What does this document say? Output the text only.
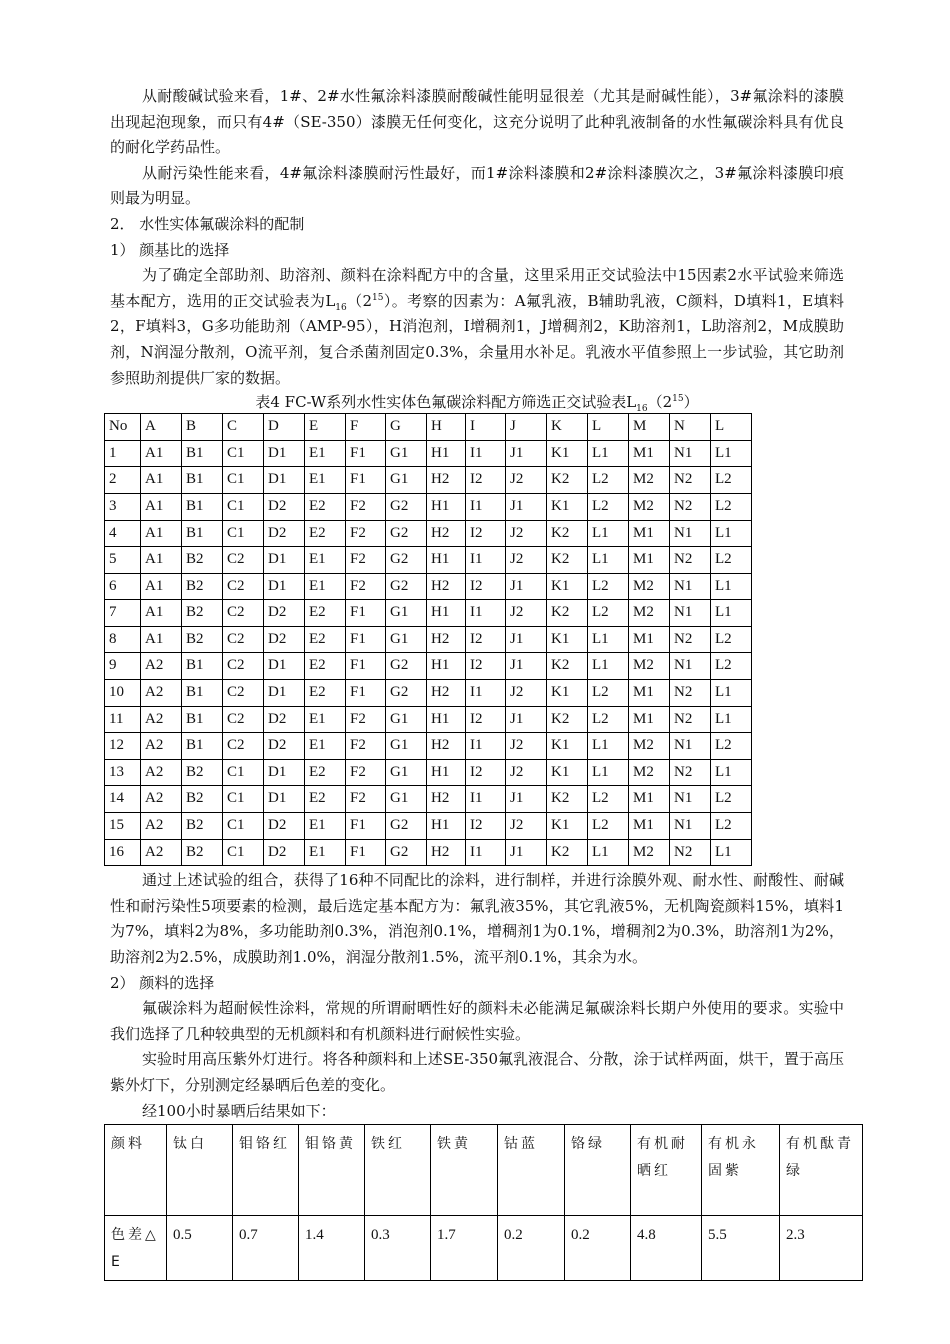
从耐酸碱试验来看，1#、2#水性氟涂料漆膜耐酸碱性能明显很差（尤其是耐碱性能），3#氟涂料的漆膜出现起泡现象，而只有4#（SE-350）漆膜无任何变化，这充分说明了此种乳液制备的水性氟碳涂料具有优良的耐化学药品性。

从耐污染性能来看，4#氟涂料漆膜耐污性最好，而1#涂料漆膜和2#涂料漆膜次之，3#氟涂料漆膜印痕则最为明显。

2． 水性实体氟碳涂料的配制

1） 颜基比的选择

为了确定全部助剂、助溶剂、颜料在涂料配方中的含量，这里采用正交试验法中15因素2水平试验来筛选基本配方，选用的正交试验表为$L_{16}(2^{15})$。考察的因素为：A氟乳液，B辅助乳液，C颜料，D填料1，E填料2，F填料3，G多功能助剂（AMP-95），H消泡剂，I增稠剂1，J增稠剂2，K助溶剂1，L助溶剂2，M成膜助剂，N润湿分散剂，O流平剂，复合杀菌剂固定0.3%，余量用水补足。乳液水平值参照上一步试验，其它助剂参照助剂提供厂家的数据。

表4 FC-W系列水性实体色氟碳涂料配方筛选正交试验表$L_{16}(2^{15})$

No	A	B	C	D	E	F	G	H	I	J	K	L	M	N	L
1	A1	B1	C1	D1	E1	F1	G1	H1	I1	J1	K1	L1	M1	N1	L1
2	A1	B1	C1	D1	E1	F1	G1	H2	I2	J2	K2	L2	M2	N2	L2
3	A1	B1	C1	D2	E2	F2	G2	H1	I1	J1	K1	L2	M2	N2	L2
4	A1	B1	C1	D2	E2	F2	G2	H2	I2	J2	K2	L1	M1	N1	L1
5	A1	B2	C2	D1	E1	F2	G2	H1	I1	J2	K2	L1	M1	N2	L2
6	A1	B2	C2	D1	E1	F2	G2	H2	I2	J1	K1	L2	M2	N1	L1
7	A1	B2	C2	D2	E2	F1	G1	H1	I1	J2	K2	L2	M2	N1	L1
8	A1	B2	C2	D2	E2	F1	G1	H2	I2	J1	K1	L1	M1	N2	L2
9	A2	B1	C2	D1	E2	F1	G2	H1	I2	J1	K2	L1	M2	N1	L2
10	A2	B1	C2	D1	E2	F1	G2	H2	I1	J2	K1	L2	M1	N2	L1
11	A2	B1	C2	D2	E1	F2	G1	H1	I2	J1	K2	L2	M1	N2	L1
12	A2	B1	C2	D2	E1	F2	G1	H2	I1	J2	K1	L1	M2	N1	L2
13	A2	B2	C1	D1	E2	F2	G1	H1	I2	J2	K1	L1	M2	N2	L1
14	A2	B2	C1	D1	E2	F2	G1	H2	I1	J1	K2	L2	M1	N1	L2
15	A2	B2	C1	D2	E1	F1	G2	H1	I2	J2	K1	L2	M1	N1	L2
16	A2	B2	C1	D2	E1	F1	G2	H2	I1	J1	K2	L1	M2	N2	L1

通过上述试验的组合，获得了16种不同配比的涂料，进行制样，并进行涂膜外观、耐水性、耐酸性、耐碱性和耐污染性5项要素的检测，最后选定基本配方为：氟乳液35%，其它乳液5%，无机陶瓷颜料15%，填料1为7%，填料2为8%，多功能助剂0.3%，消泡剂0.1%，增稠剂1为0.1%，增稠剂2为0.3%，助溶剂1为2%，助溶剂2为2.5%，成膜助剂1.0%，润湿分散剂1.5%，流平剂0.1%，其余为水。

2） 颜料的选择

氟碳涂料为超耐候性涂料，常规的所谓耐晒性好的颜料未必能满足氟碳涂料长期户外使用的要求。实验中我们选择了几种较典型的无机颜料和有机颜料进行耐候性实验。

实验时用高压紫外灯进行。将各种颜料和上述SE-350氟乳液混合、分散，涂于试样两面，烘干，置于高压紫外灯下，分别测定经暴晒后色差的变化。

经100小时暴晒后结果如下：

颜料	钛白	钼铬红	钼铬黄	铁红	铁黄	钴蓝	铬绿	有机耐晒红	有机永固紫	有机酞青绿
色差△E	0.5	0.7	1.4	0.3	1.7	0.2	0.2	4.8	5.5	2.3
